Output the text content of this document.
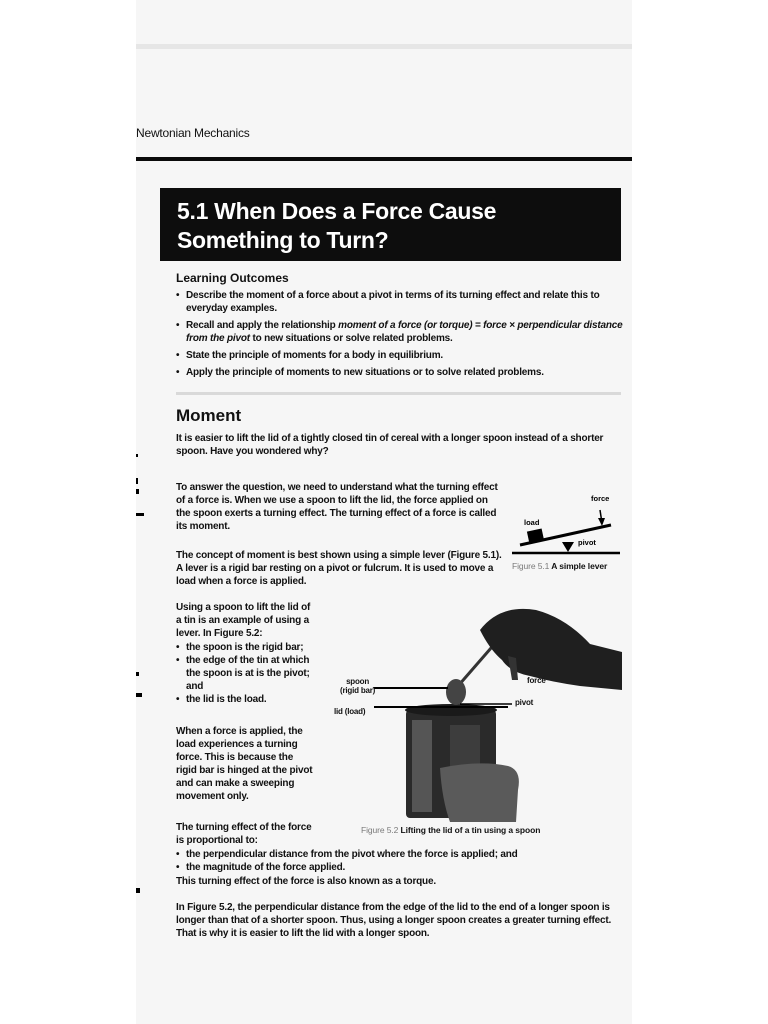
Newtonian Mechanics
5.1 When Does a Force Cause
Something to Turn?
Learning Outcomes
• Describe the moment of a force about a pivot in terms of its turning effect and relate this to everyday examples.
• Recall and apply the relationship moment of a force (or torque) = force × perpendicular distance from the pivot to new situations or solve related problems.
• State the principle of moments for a body in equilibrium.
• Apply the principle of moments to new situations or to solve related problems.
Moment
It is easier to lift the lid of a tightly closed tin of cereal with a longer spoon instead of a shorter spoon. Have you wondered why?
To answer the question, we need to understand what the turning effect of a force is. When we use a spoon to lift the lid, the force applied on the spoon exerts a turning effect. The turning effect of a force is called its moment.
The concept of moment is best shown using a simple lever (Figure 5.1). A lever is a rigid bar resting on a pivot or fulcrum. It is used to move a load when a force is applied.
force
load
pivot
Figure 5.1 A simple lever
Using a spoon to lift the lid of a tin is an example of using a lever. In Figure 5.2:
• the spoon is the rigid bar;
• the edge of the tin at which the spoon is at is the pivot; and
• the lid is the load.
When a force is applied, the load experiences a turning force. This is because the rigid bar is hinged at the pivot and can make a sweeping movement only.
spoon
(rigid bar)
force
pivot
lid (load)
Figure 5.2 Lifting the lid of a tin using a spoon
The turning effect of the force is proportional to:
• the perpendicular distance from the pivot where the force is applied; and
• the magnitude of the force applied.
This turning effect of the force is also known as a torque.
In Figure 5.2, the perpendicular distance from the edge of the lid to the end of a longer spoon is longer than that of a shorter spoon. Thus, using a longer spoon creates a greater turning effect. That is why it is easier to lift the lid with a longer spoon.
